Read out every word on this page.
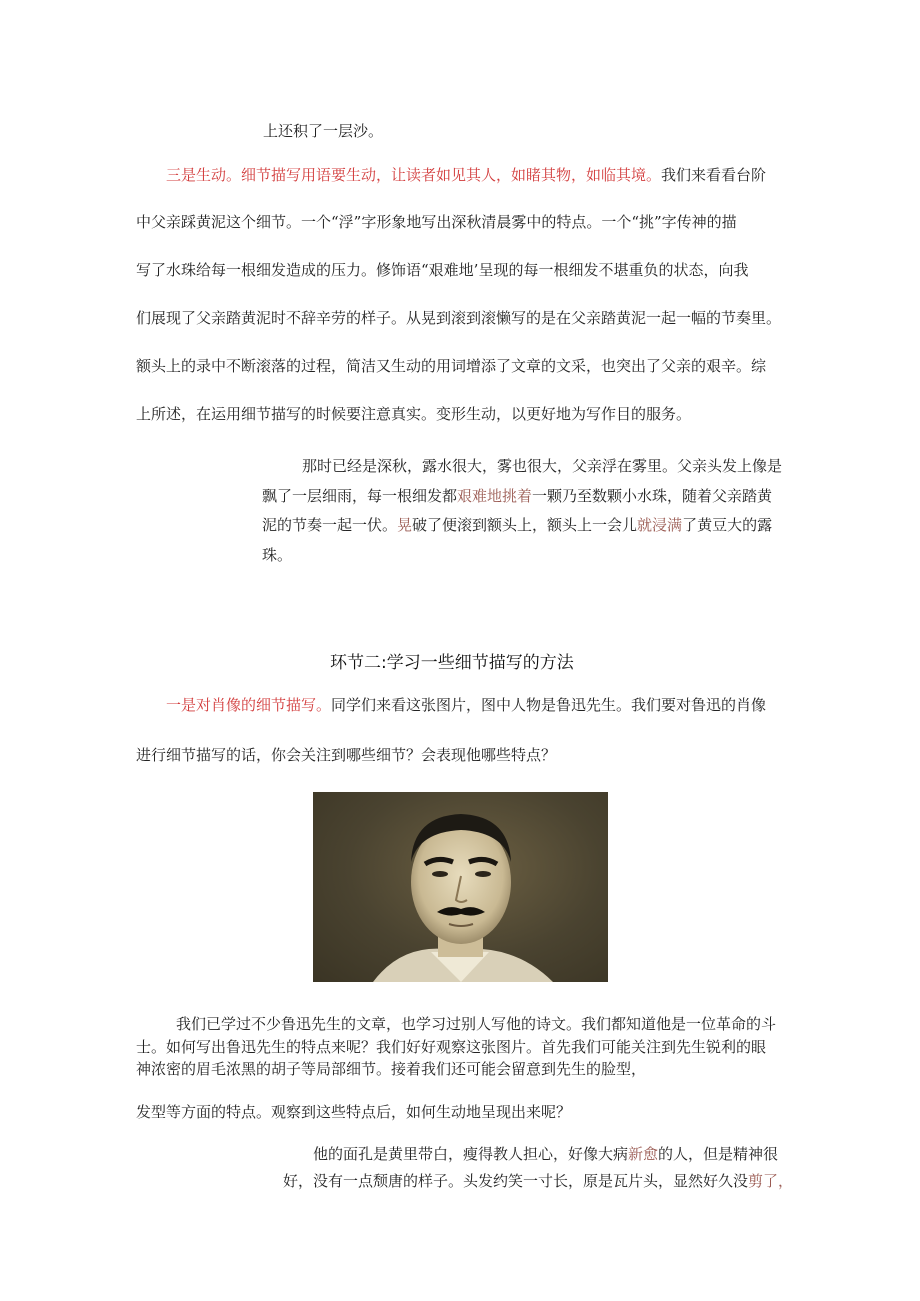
上还积了一层沙。
三是生动。细节描写用语要生动，让读者如见其人，如睹其物，如临其境。我们来看看台阶
中父亲踩黄泥这个细节。一个“浮”字形象地写出深秋清晨雾中的特点。一个“挑”字传神的描
写了水珠给每一根细发造成的压力。修饰语“艰难地’呈现的每一根细发不堪重负的状态，向我
们展现了父亲踏黄泥时不辞辛劳的样子。从晃到滚到滚懒写的是在父亲踏黄泥一起一幅的节奏里。
额头上的录中不断滚落的过程，简洁又生动的用词增添了文章的文采，也突出了父亲的艰辛。综
上所述，在运用细节描写的时候要注意真实。变形生动，以更好地为写作目的服务。
那时已经是深秋，露水很大，雾也很大，父亲浮在雾里。父亲头发上像是
飘了一层细雨，每一根细发都艰难地挑着一颗乃至数颗小水珠，随着父亲踏黄
泥的节奏一起一伏。晃破了便滚到额头上，额头上一会儿就浸满了黄豆大的露
珠。
环节二:学习一些细节描写的方法
一是对肖像的细节描写。同学们来看这张图片，图中人物是鲁迅先生。我们要对鲁迅的肖像
进行细节描写的话，你会关注到哪些细节？会表现他哪些特点？
我们已学过不少鲁迅先生的文章，也学习过别人写他的诗文。我们都知道他是一位革命的斗
士。如何写出鲁迅先生的特点来呢？我们好好观察这张图片。首先我们可能关注到先生锐利的眼
神浓密的眉毛浓黑的胡子等局部细节。接着我们还可能会留意到先生的脸型，
发型等方面的特点。观察到这些特点后，如何生动地呈现出来呢？
他的面孔是黄里带白，瘦得教人担心，好像大病新愈的人，但是精神很
好，没有一点颓唐的样子。头发约笑一寸长，原是瓦片头，显然好久没剪了，
